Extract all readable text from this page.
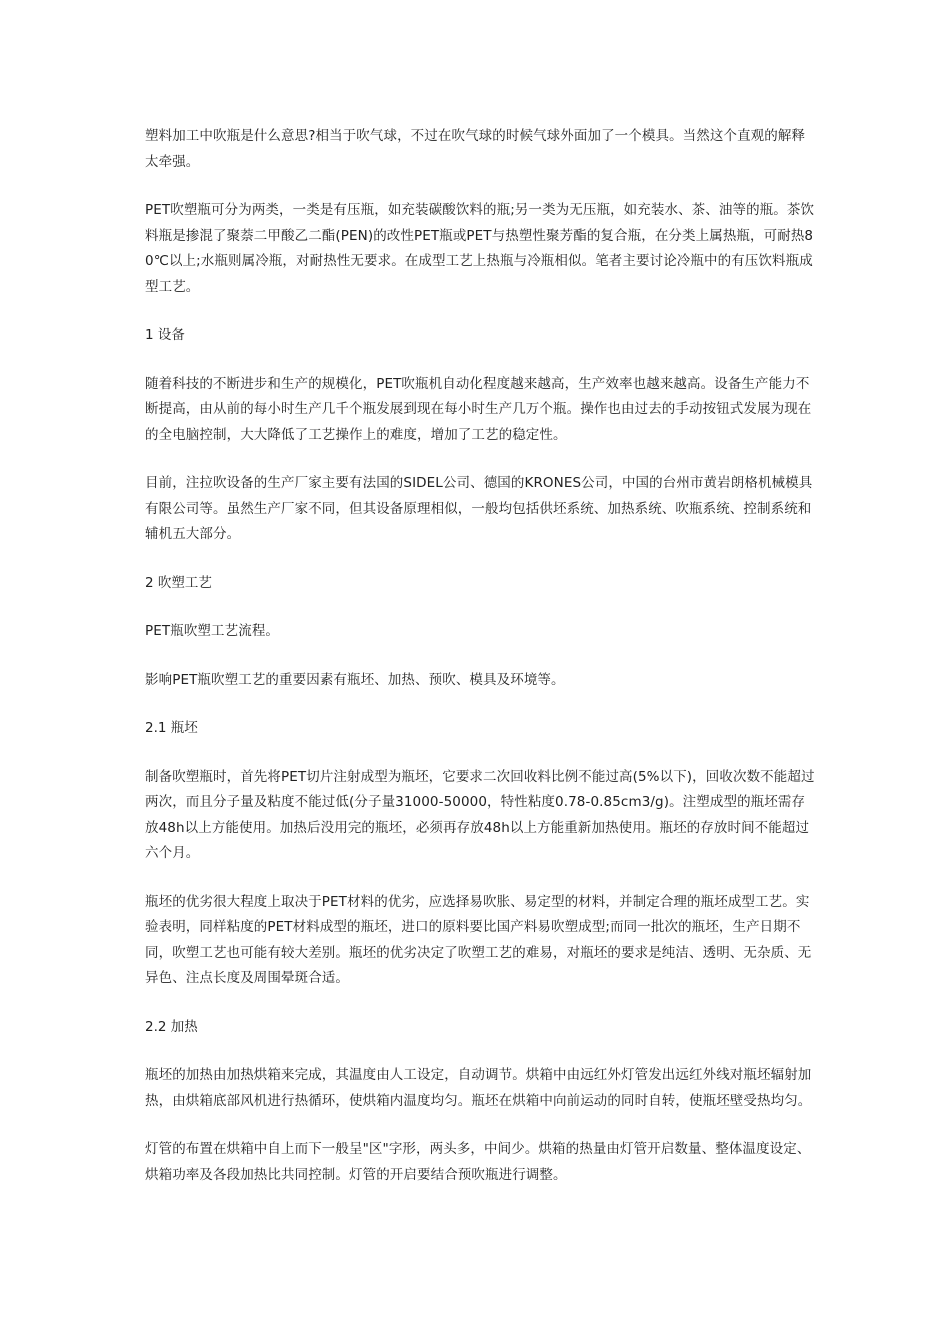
塑料加工中吹瓶是什么意思?相当于吹气球，不过在吹气球的时候气球外面加了一个模具。当然这个直观的解释太牵强。

PET吹塑瓶可分为两类，一类是有压瓶，如充装碳酸饮料的瓶;另一类为无压瓶，如充装水、茶、油等的瓶。茶饮料瓶是掺混了聚萘二甲酸乙二酯(PEN)的改性PET瓶或PET与热塑性聚芳酯的复合瓶，在分类上属热瓶，可耐热80℃以上;水瓶则属冷瓶，对耐热性无要求。在成型工艺上热瓶与冷瓶相似。笔者主要讨论冷瓶中的有压饮料瓶成型工艺。

1 设备

随着科技的不断进步和生产的规模化，PET吹瓶机自动化程度越来越高，生产效率也越来越高。设备生产能力不断提高，由从前的每小时生产几千个瓶发展到现在每小时生产几万个瓶。操作也由过去的手动按钮式发展为现在的全电脑控制，大大降低了工艺操作上的难度，增加了工艺的稳定性。

目前，注拉吹设备的生产厂家主要有法国的SIDEL公司、德国的KRONES公司，中国的台州市黄岩朗格机械模具有限公司等。虽然生产厂家不同，但其设备原理相似，一般均包括供坯系统、加热系统、吹瓶系统、控制系统和辅机五大部分。

2 吹塑工艺

PET瓶吹塑工艺流程。

影响PET瓶吹塑工艺的重要因素有瓶坯、加热、预吹、模具及环境等。

2.1 瓶坯

制备吹塑瓶时，首先将PET切片注射成型为瓶坯，它要求二次回收料比例不能过高(5%以下)，回收次数不能超过两次，而且分子量及粘度不能过低(分子量31000-50000，特性粘度0.78-0.85cm3/g)。注塑成型的瓶坯需存放48h以上方能使用。加热后没用完的瓶坯，必须再存放48h以上方能重新加热使用。瓶坯的存放时间不能超过六个月。

瓶坯的优劣很大程度上取决于PET材料的优劣，应选择易吹胀、易定型的材料，并制定合理的瓶坯成型工艺。实验表明，同样粘度的PET材料成型的瓶坯，进口的原料要比国产料易吹塑成型;而同一批次的瓶坯，生产日期不同，吹塑工艺也可能有较大差别。瓶坯的优劣决定了吹塑工艺的难易，对瓶坯的要求是纯洁、透明、无杂质、无异色、注点长度及周围晕斑合适。

2.2 加热

瓶坯的加热由加热烘箱来完成，其温度由人工设定，自动调节。烘箱中由远红外灯管发出远红外线对瓶坯辐射加热，由烘箱底部风机进行热循环，使烘箱内温度均匀。瓶坯在烘箱中向前运动的同时自转，使瓶坯壁受热均匀。

灯管的布置在烘箱中自上而下一般呈"区"字形，两头多，中间少。烘箱的热量由灯管开启数量、整体温度设定、烘箱功率及各段加热比共同控制。灯管的开启要结合预吹瓶进行调整。
